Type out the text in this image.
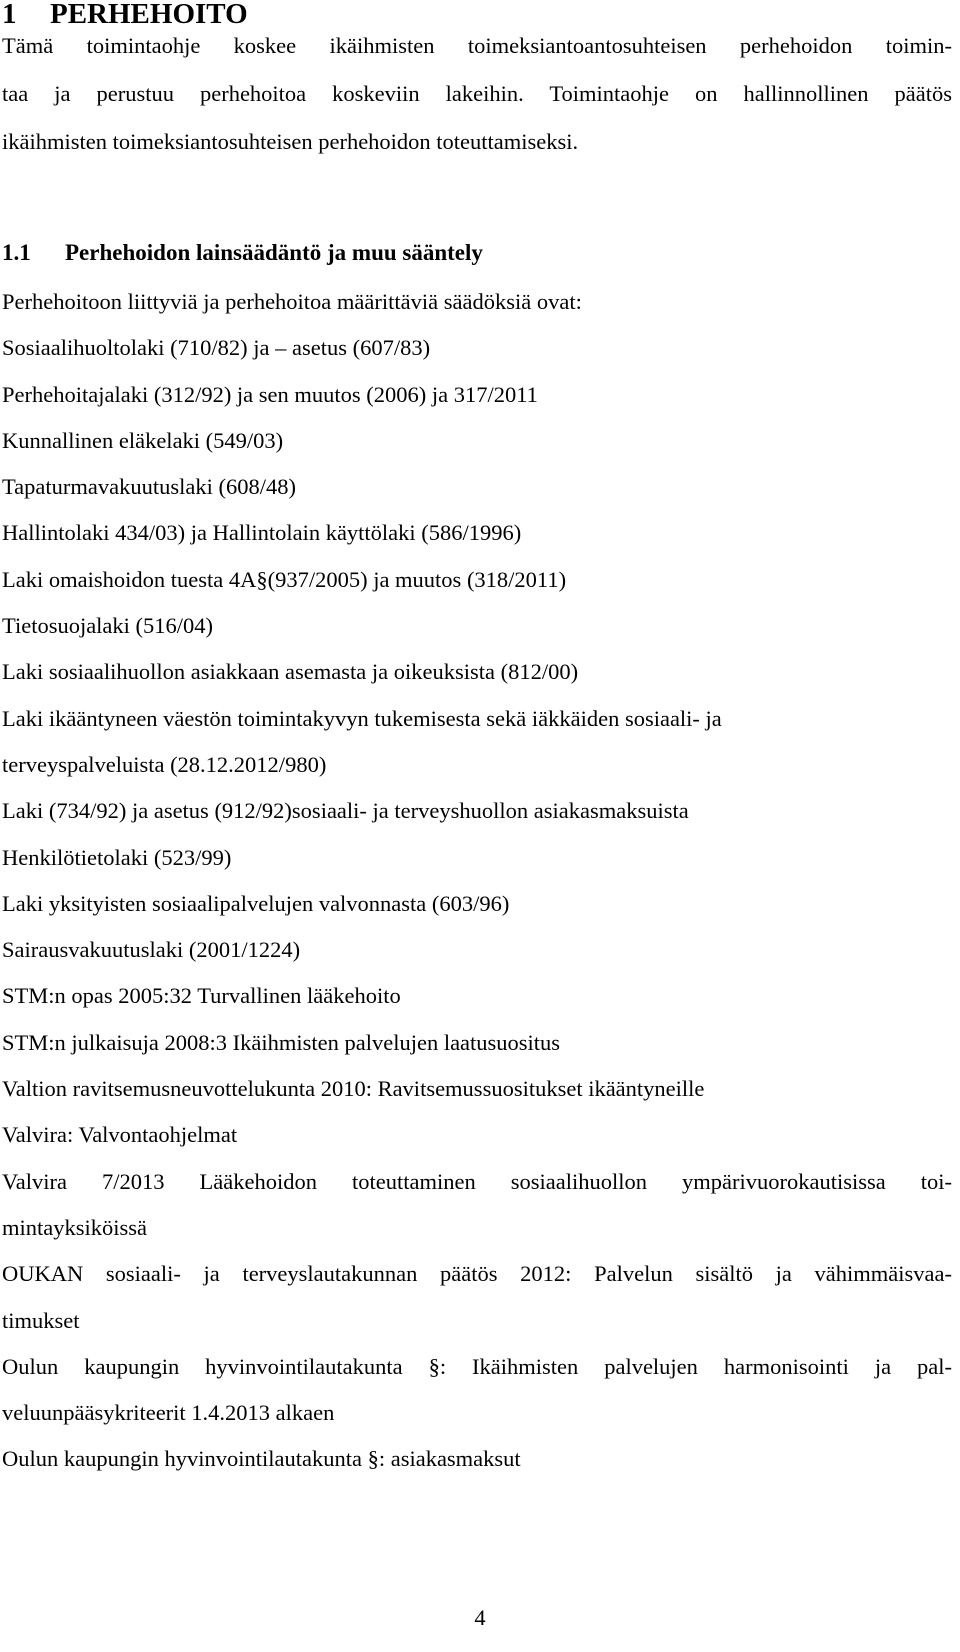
1 PERHEHOITO

Tämä toimintaohje koskee ikäihmisten toimeksiantoantosuhteisen perhehoidon toimin-
taa ja perustuu perhehoitoa koskeviin lakeihin. Toimintaohje on hallinnollinen päätös
ikäihmisten toimeksiantosuhteisen perhehoidon toteuttamiseksi.

1.1 Perhehoidon lainsäädäntö ja muu sääntely
Perhehoitoon liittyviä ja perhehoitoa määrittäviä säädöksiä ovat:
Sosiaalihuoltolaki (710/82) ja – asetus (607/83)
Perhehoitajalaki (312/92) ja sen muutos (2006) ja 317/2011
Kunnallinen eläkelaki (549/03)
Tapaturmavakuutuslaki (608/48)
Hallintolaki 434/03) ja Hallintolain käyttölaki (586/1996)
Laki omaishoidon tuesta 4A§(937/2005) ja muutos (318/2011)
Tietosuojalaki (516/04)
Laki sosiaalihuollon asiakkaan asemasta ja oikeuksista (812/00)
Laki ikääntyneen väestön toimintakyvyn tukemisesta sekä iäkkäiden sosiaali- ja
terveyspalveluista (28.12.2012/980)
Laki (734/92) ja asetus (912/92)sosiaali- ja terveyshuollon asiakasmaksuista
Henkilötietolaki (523/99)
Laki yksityisten sosiaalipalvelujen valvonnasta (603/96)
Sairausvakuutuslaki (2001/1224)
STM:n opas 2005:32 Turvallinen lääkehoito
STM:n julkaisuja 2008:3 Ikäihmisten palvelujen laatusuositus
Valtion ravitsemusneuvottelukunta 2010: Ravitsemussuositukset ikääntyneille
Valvira: Valvontaohjelmat
Valvira 7/2013 Lääkehoidon toteuttaminen sosiaalihuollon ympärivuorokautisissa toi-
mintayksiköissä
OUKAN sosiaali- ja terveyslautakunnan päätös 2012: Palvelun sisältö ja vähimmäisvaa-
timukset
Oulun kaupungin hyvinvointilautakunta §: Ikäihmisten palvelujen harmonisointi ja pal-
veluunpääsykriteerit 1.4.2013 alkaen
Oulun kaupungin hyvinvointilautakunta §: asiakasmaksut
4
